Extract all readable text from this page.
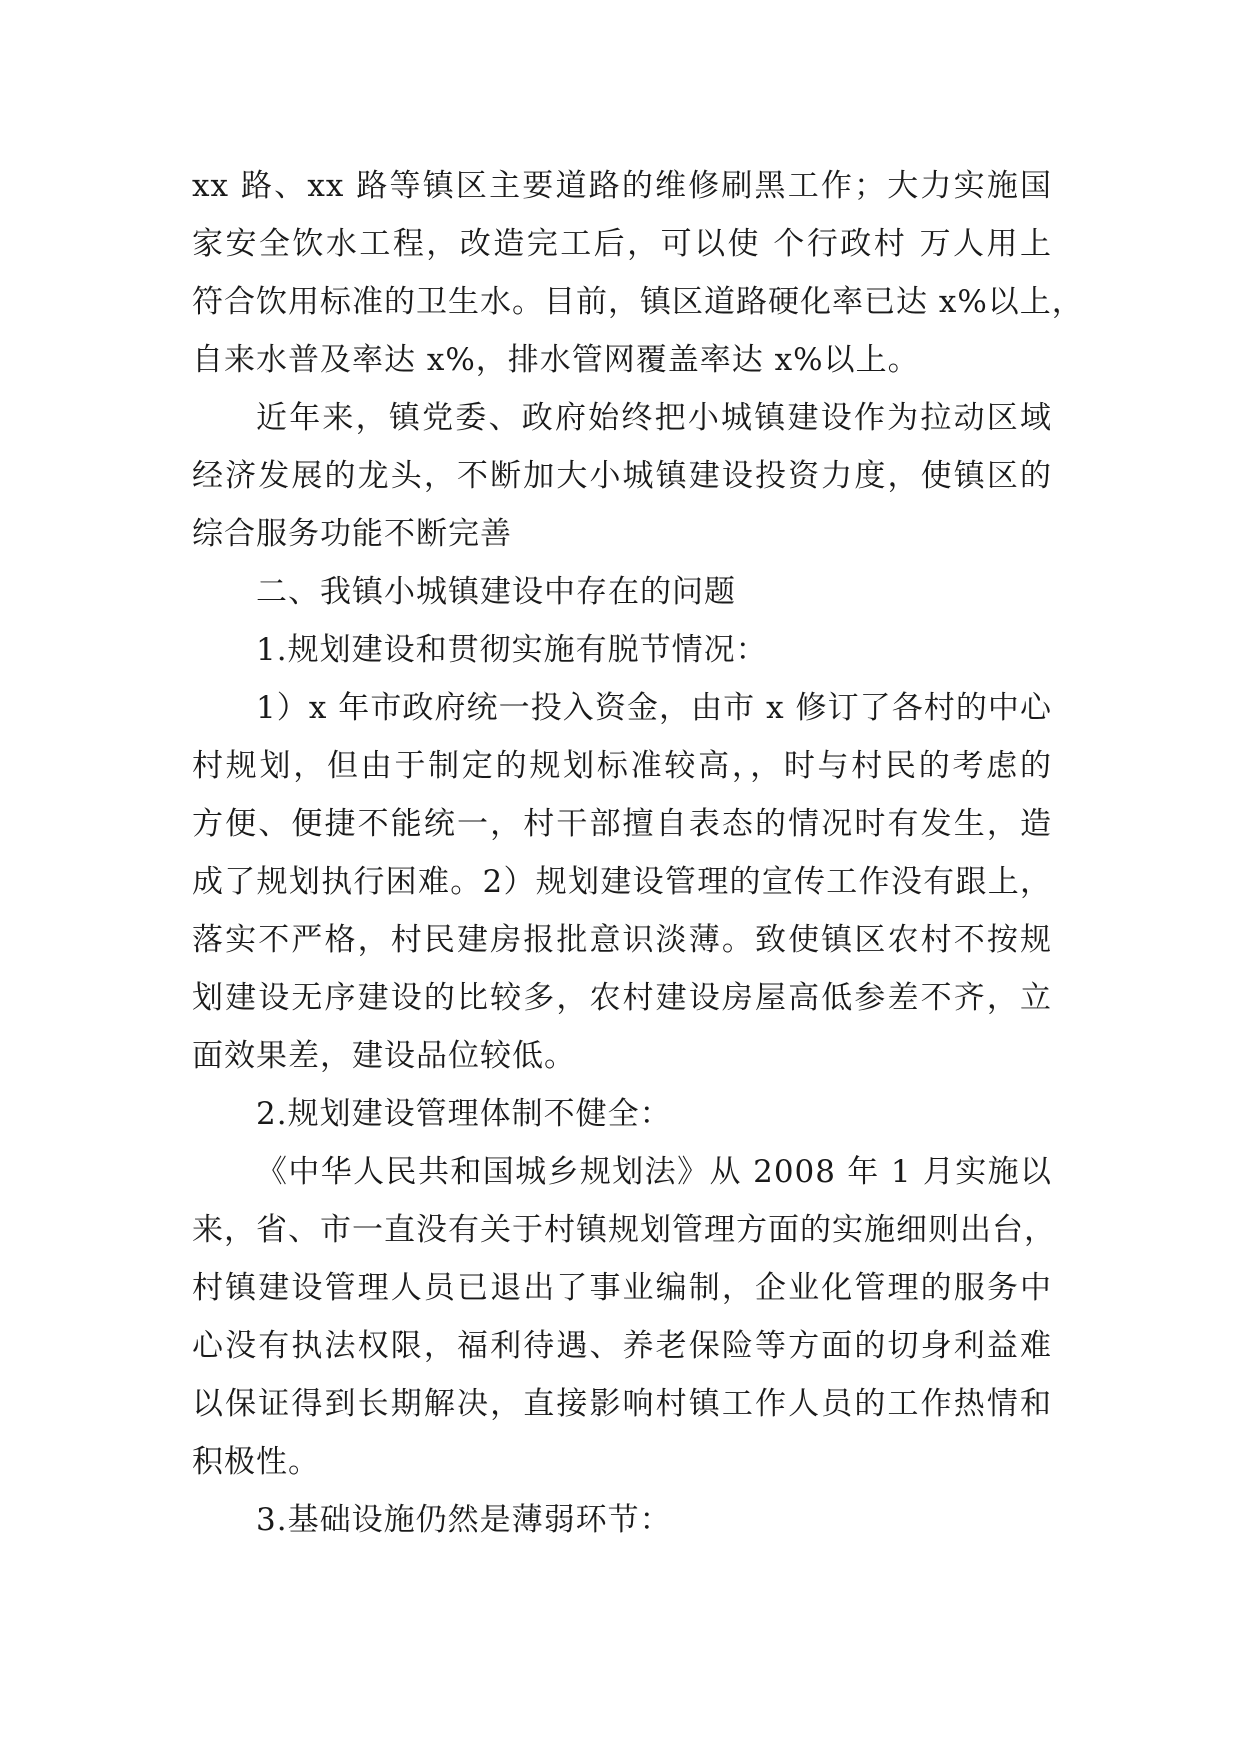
xx 路、xx 路等镇区主要道路的维修刷黑工作；大力实施国
家安全饮水工程，改造完工后，可以使 个行政村 万人用上
符合饮用标准的卫生水。目前，镇区道路硬化率已达 x%以上，
自来水普及率达 x%，排水管网覆盖率达 x%以上。
近年来，镇党委、政府始终把小城镇建设作为拉动区域
经济发展的龙头，不断加大小城镇建设投资力度，使镇区的
综合服务功能不断完善
二、我镇小城镇建设中存在的问题
1.规划建设和贯彻实施有脱节情况：
1）x 年市政府统一投入资金，由市 x 修订了各村的中心
村规划，但由于制定的规划标准较高，，时与村民的考虑的
方便、便捷不能统一，村干部擅自表态的情况时有发生，造
成了规划执行困难。2）规划建设管理的宣传工作没有跟上，
落实不严格，村民建房报批意识淡薄。致使镇区农村不按规
划建设无序建设的比较多，农村建设房屋高低参差不齐，立
面效果差，建设品位较低。
2.规划建设管理体制不健全：
《中华人民共和国城乡规划法》从 2008 年 1 月实施以
来，省、市一直没有关于村镇规划管理方面的实施细则出台，
村镇建设管理人员已退出了事业编制，企业化管理的服务中
心没有执法权限，福利待遇、养老保险等方面的切身利益难
以保证得到长期解决，直接影响村镇工作人员的工作热情和
积极性。
3.基础设施仍然是薄弱环节：
